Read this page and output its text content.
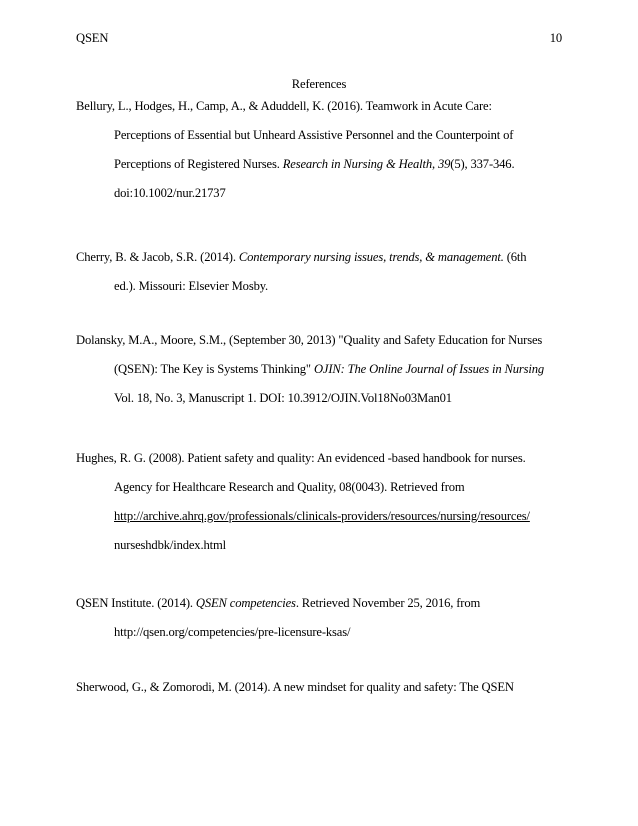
QSEN	10
References
Bellury, L., Hodges, H., Camp, A., & Aduddell, K. (2016). Teamwork in Acute Care:
Perceptions of Essential but Unheard Assistive Personnel and the Counterpoint of
Perceptions of Registered Nurses. Research in Nursing & Health, 39(5), 337-346.
doi:10.1002/nur.21737
Cherry, B. & Jacob, S.R. (2014). Contemporary nursing issues, trends, & management. (6th
ed.). Missouri: Elsevier Mosby.
Dolansky, M.A., Moore, S.M., (September 30, 2013) "Quality and Safety Education for Nurses
(QSEN): The Key is Systems Thinking" OJIN: The Online Journal of Issues in Nursing
Vol. 18, No. 3, Manuscript 1. DOI: 10.3912/OJIN.Vol18No03Man01
Hughes, R. G. (2008). Patient safety and quality: An evidenced -based handbook for nurses.
Agency for Healthcare Research and Quality, 08(0043). Retrieved from
http://archive.ahrq.gov/professionals/clinicals-providers/resources/nursing/resources/
nurseshdbk/index.html
QSEN Institute. (2014). QSEN competencies. Retrieved November 25, 2016, from
http://qsen.org/competencies/pre-licensure-ksas/
Sherwood, G., & Zomorodi, M. (2014). A new mindset for quality and safety: The QSEN
